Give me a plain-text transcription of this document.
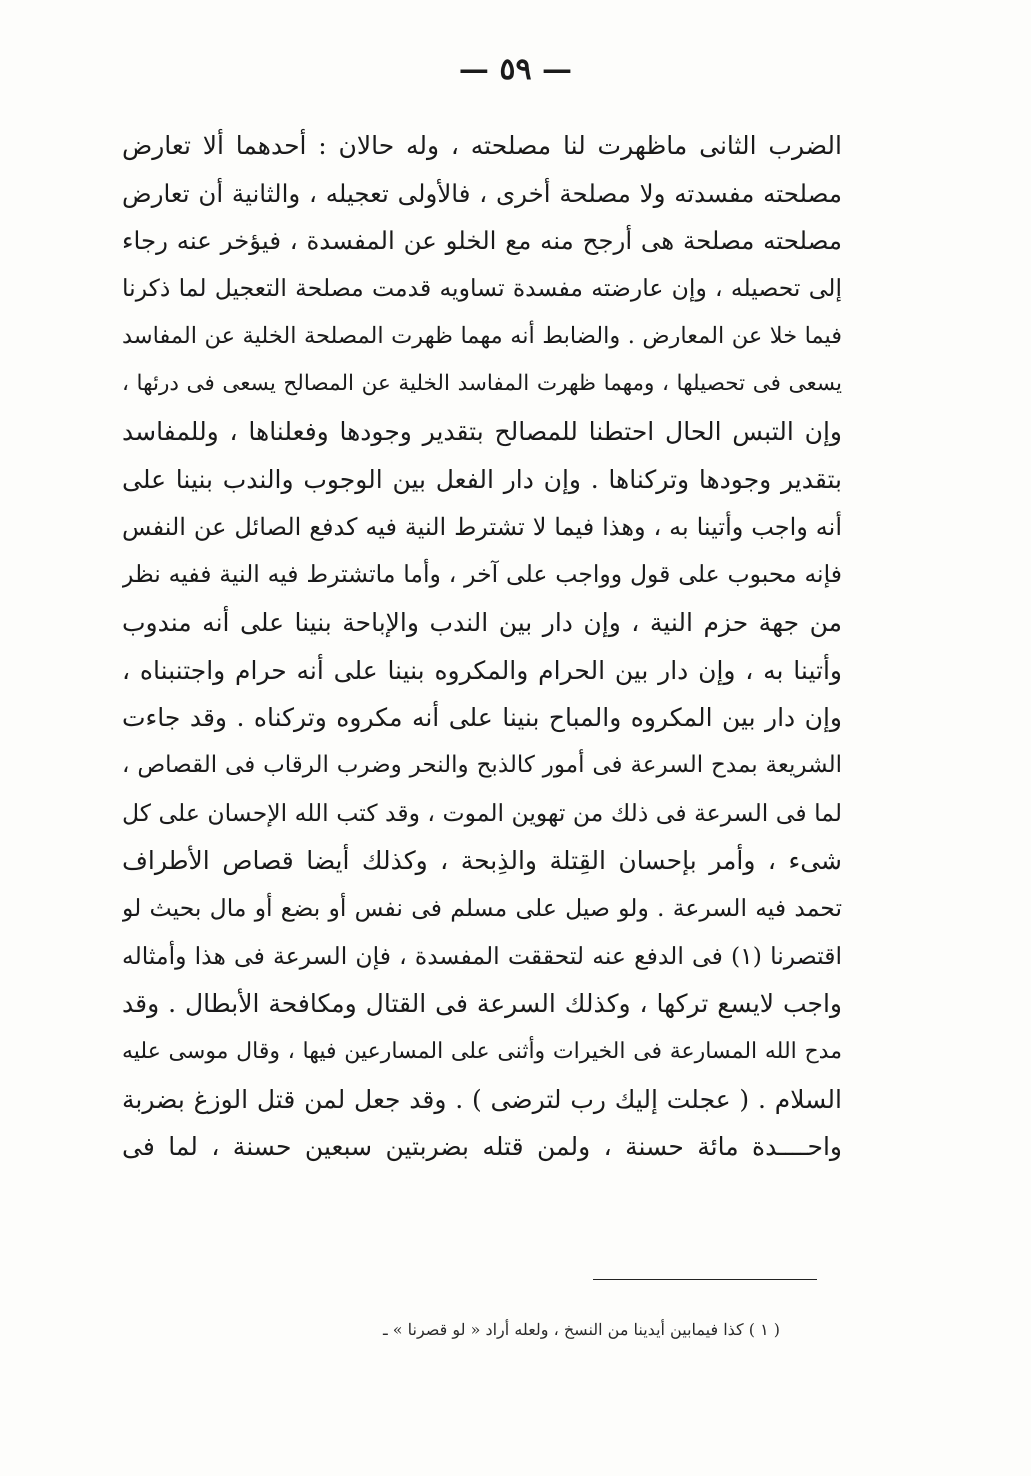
— ٥٩ —
الضرب الثانى ماظهرت لنا مصلحته ، وله حالان : أحدهما ألا تعارض
مصلحته مفسدته ولا مصلحة أخرى ، فالأولى تعجيله ، والثانية أن تعارض
مصلحته مصلحة هى أرجح منه مع الخلو عن المفسدة ، فيؤخر عنه رجاء
إلى تحصيله ، وإن عارضته مفسدة تساويه قدمت مصلحة التعجيل لما ذكرنا
فيما خلا عن المعارض . والضابط أنه مهما ظهرت المصلحة الخلية عن المفاسد
يسعى فى تحصيلها ، ومهما ظهرت المفاسد الخلية عن المصالح يسعى فى درئها ،
وإن التبس الحال احتطنا للمصالح بتقدير وجودها وفعلناها ، وللمفاسد
بتقدير وجودها وتركناها . وإن دار الفعل بين الوجوب والندب بنينا على
أنه واجب وأتينا به ، وهذا فيما لا تشترط النية فيه كدفع الصائل عن النفس
فإنه محبوب على قول وواجب على آخر ، وأما ماتشترط فيه النية ففيه نظر
من جهة حزم النية ، وإن دار بين الندب والإباحة بنينا على أنه مندوب
وأتينا به ، وإن دار بين الحرام والمكروه بنينا على أنه حرام واجتنبناه ،
وإن دار بين المكروه والمباح بنينا على أنه مكروه وتركناه . وقد جاءت
الشريعة بمدح السرعة فى أمور كالذبح والنحر وضرب الرقاب فى القصاص ،
لما فى السرعة فى ذلك من تهوين الموت ، وقد كتب الله الإحسان على كل
شىء ، وأمر بإحسان القِتلة والذِبحة ، وكذلك أيضا قصاص الأطراف
تحمد فيه السرعة . ولو صيل على مسلم فى نفس أو بضع أو مال بحيث لو
اقتصرنا (١) فى الدفع عنه لتحققت المفسدة ، فإن السرعة فى هذا وأمثاله
واجب لايسع تركها ، وكذلك السرعة فى القتال ومكافحة الأبطال . وقد
مدح الله المسارعة فى الخيرات وأثنى على المسارعين فيها ، وقال موسى عليه
السلام . ( عجلت إليك رب لترضى ) . وقد جعل لمن قتل الوزغ بضربة
واحــــدة مائة حسنة ، ولمن قتله بضربتين سبعين حسنة ، لما فى
( ١ ) كذا فيمابين أيدينا من النسخ ، ولعله أراد « لو قصرنا » ـ
